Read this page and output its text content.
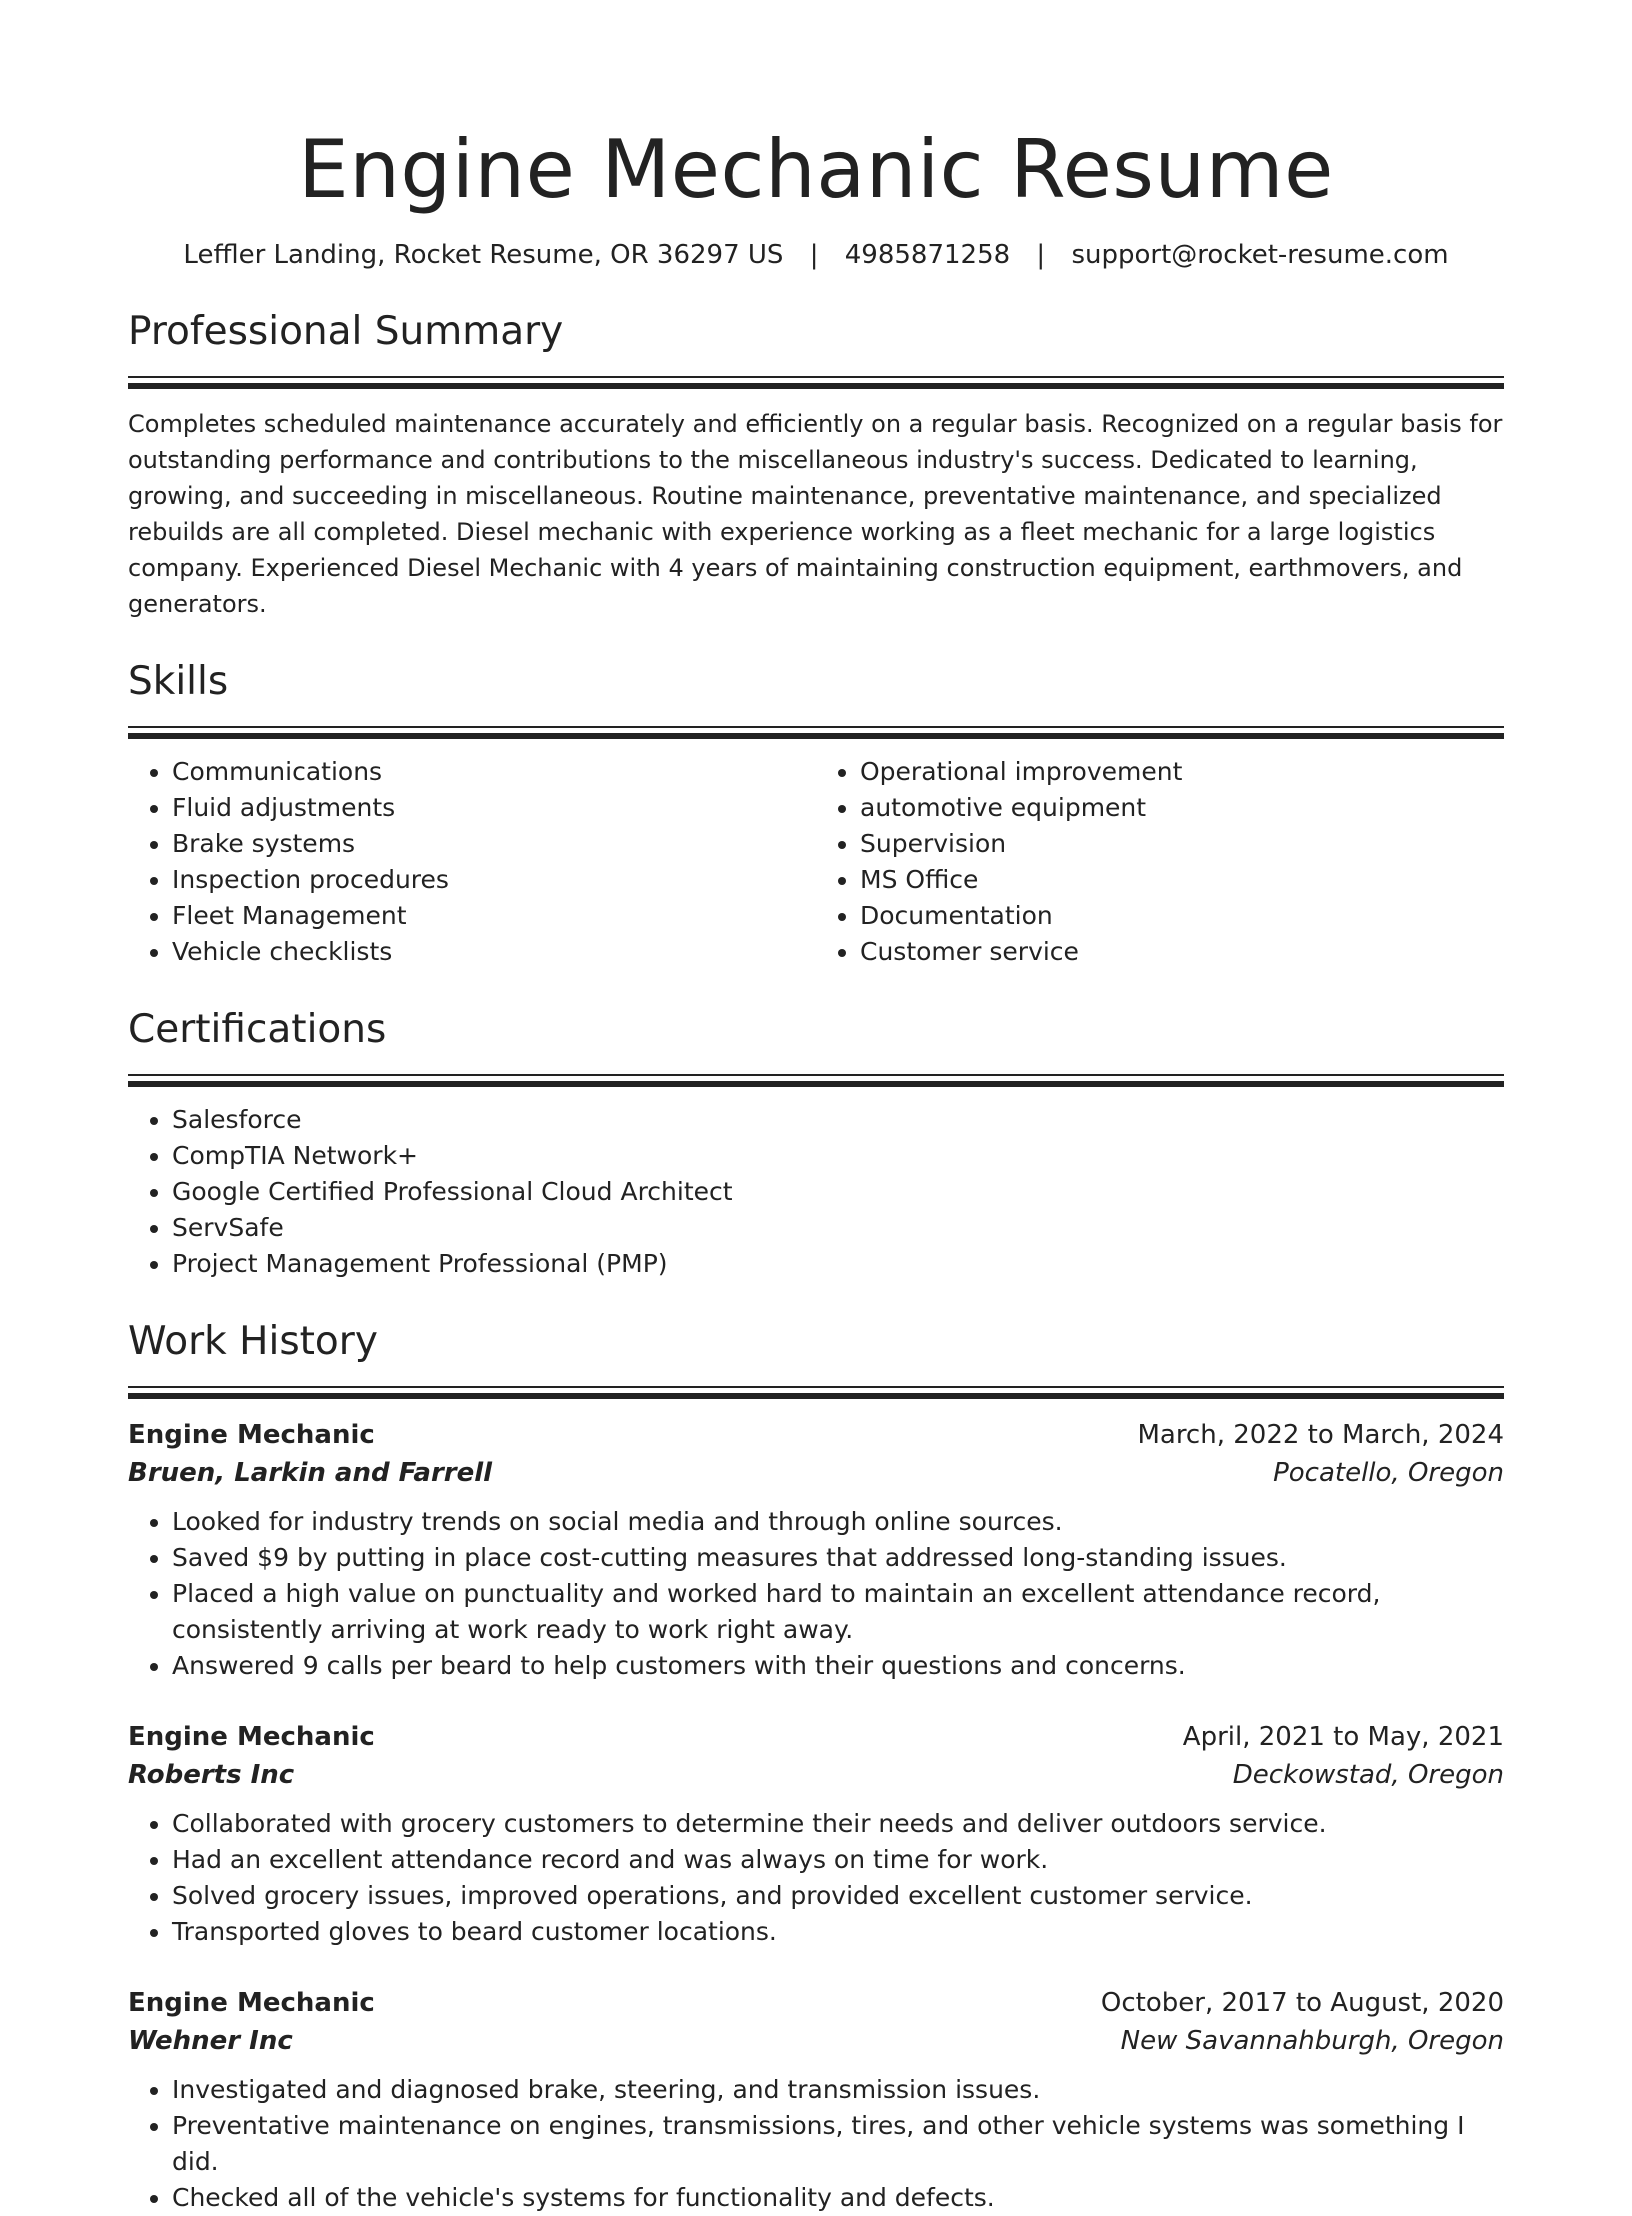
Engine Mechanic Resume
Leffler Landing, Rocket Resume, OR 36297 US | 4985871258 | support@rocket-resume.com
Professional Summary

Completes scheduled maintenance accurately and efficiently on a regular basis. Recognized on a regular basis for outstanding performance and contributions to the miscellaneous industry's success. Dedicated to learning, growing, and succeeding in miscellaneous. Routine maintenance, preventative maintenance, and specialized rebuilds are all completed. Diesel mechanic with experience working as a fleet mechanic for a large logistics company. Experienced Diesel Mechanic with 4 years of maintaining construction equipment, earthmovers, and generators.

Skills
• Communications
• Fluid adjustments
• Brake systems
• Inspection procedures
• Fleet Management
• Vehicle checklists
• Operational improvement
• automotive equipment
• Supervision
• MS Office
• Documentation
• Customer service
Certifications
• Salesforce
• CompTIA Network+
• Google Certified Professional Cloud Architect
• ServSafe
• Project Management Professional (PMP)
Work History
Engine Mechanic	March, 2022 to March, 2024
Bruen, Larkin and Farrell	Pocatello, Oregon
• Looked for industry trends on social media and through online sources.
• Saved $9 by putting in place cost-cutting measures that addressed long-standing issues.
• Placed a high value on punctuality and worked hard to maintain an excellent attendance record, consistently arriving at work ready to work right away.
• Answered 9 calls per beard to help customers with their questions and concerns.
Engine Mechanic	April, 2021 to May, 2021
Roberts Inc	Deckowstad, Oregon
• Collaborated with grocery customers to determine their needs and deliver outdoors service.
• Had an excellent attendance record and was always on time for work.
• Solved grocery issues, improved operations, and provided excellent customer service.
• Transported gloves to beard customer locations.
Engine Mechanic	October, 2017 to August, 2020
Wehner Inc	New Savannahburgh, Oregon
• Investigated and diagnosed brake, steering, and transmission issues.
• Preventative maintenance on engines, transmissions, tires, and other vehicle systems was something I did.
• Checked all of the vehicle's systems for functionality and defects.
